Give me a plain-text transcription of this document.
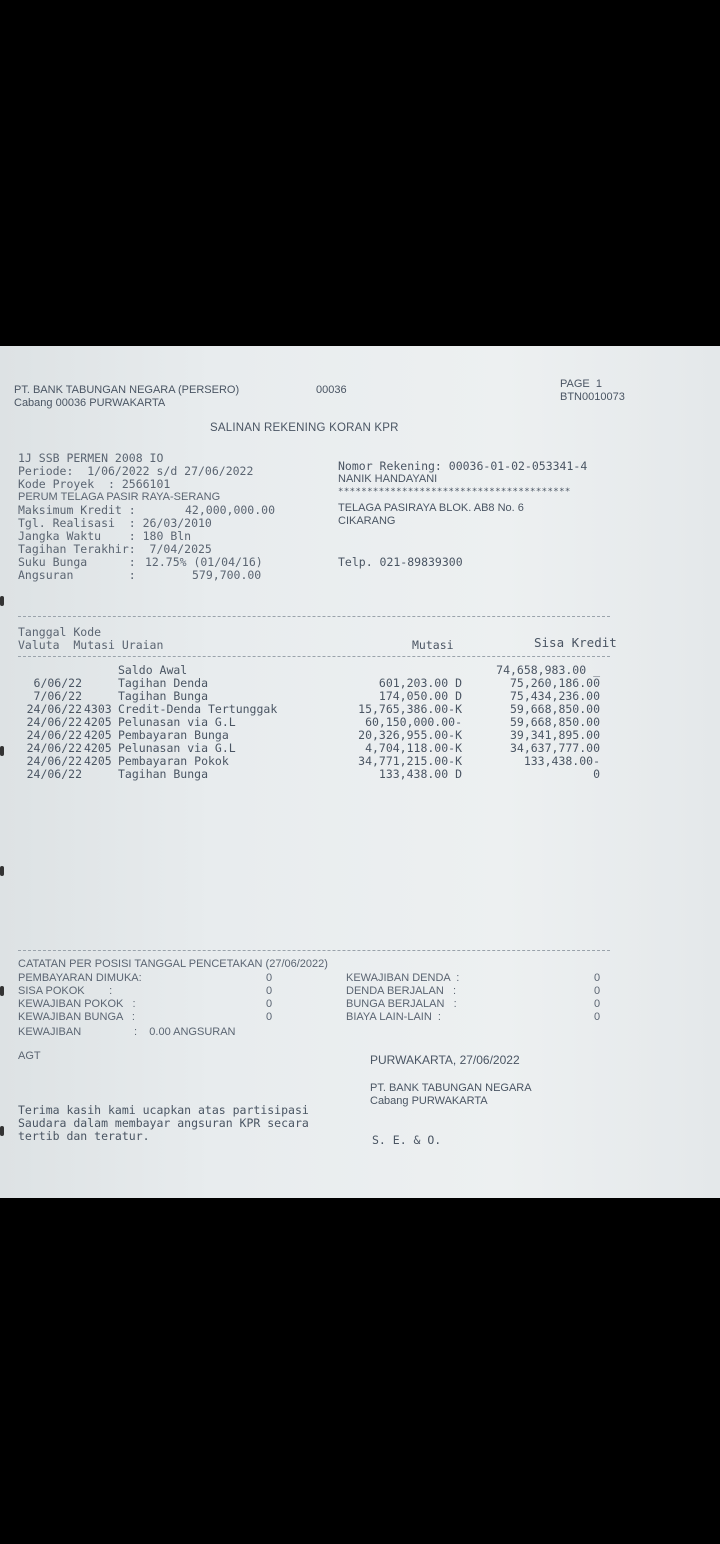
PT. BANK TABUNGAN NEGARA (PERSERO)
Cabang 00036 PURWAKARTA
00036	PAGE  1
BTN0010073
SALINAN REKENING KORAN KPR
1J SSB PERMEN 2008 IO
Periode:  1/06/2022 s/d 27/06/2022
Kode Proyek  : 2566101
PERUM TELAGA PASIR RAYA-SERANG
Maksimum Kredit :	42,000,000.00
Tgl. Realisasi  : 26/03/2010
Jangka Waktu    : 180 Bln
Tagihan Terakhir:  7/04/2025
Suku Bunga      : 12.75% (01/04/16)
Angsuran        :	579,700.00
Nomor Rekening: 00036-01-02-053341-4
NANIK HANDAYANI
****************************************
TELAGA PASIRAYA BLOK. AB8 No. 6
CIKARANG
Telp. 021-89839300
Tanggal Kode
Valuta  Mutasi Uraian	Mutasi	Sisa Kredit
Saldo Awal	74,658,983.00 _
6/06/22	Tagihan Denda	601,203.00 D	75,260,186.00
7/06/22	Tagihan Bunga	174,050.00 D	75,434,236.00
24/06/22 4303 Credit-Denda Tertunggak	15,765,386.00-K	59,668,850.00
24/06/22 4205 Pelunasan via G.L	60,150,000.00-	59,668,850.00
24/06/22 4205 Pembayaran Bunga	20,326,955.00-K	39,341,895.00
24/06/22 4205 Pelunasan via G.L	4,704,118.00-K	34,637,777.00
24/06/22 4205 Pembayaran Pokok	34,771,215.00-K	133,438.00-
24/06/22	Tagihan Bunga	133,438.00 D	0
CATATAN PER POSISI TANGGAL PENCETAKAN (27/06/2022)
PEMBAYARAN DIMUKA:	0
SISA POKOK        :	0
KEWAJIBAN POKOK   :	0
KEWAJIBAN BUNGA   :	0
KEWAJIBAN DENDA  :	0
DENDA BERJALAN   :	0
BUNGA BERJALAN   :	0
BIAYA LAIN-LAIN  :	0
KEWAJIBAN	:    0.00 ANGSURAN
AGT	PURWAKARTA, 27/06/2022
PT. BANK TABUNGAN NEGARA
Cabang PURWAKARTA
Terima kasih kami ucapkan atas partisipasi
Saudara dalam membayar angsuran KPR secara
tertib dan teratur.	S. E. & O.
